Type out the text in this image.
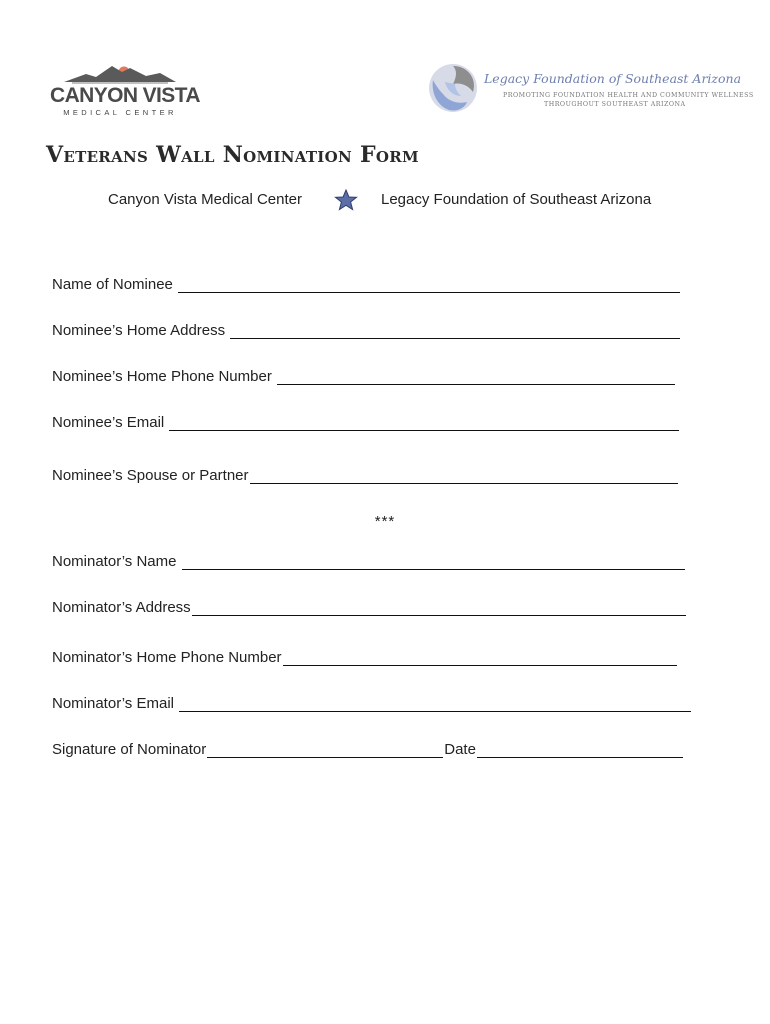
CANYON VISTA
MEDICAL CENTER
Legacy Foundation of Southeast Arizona
PROMOTING FOUNDATION HEALTH AND COMMUNITY WELLNESS
THROUGHOUT SOUTHEAST ARIZONA
Veterans Wall Nomination Form
Canyon Vista Medical Center	Legacy Foundation of Southeast Arizona
Name of Nominee
Nominee’s Home Address
Nominee’s Home Phone Number
Nominee’s Email
Nominee’s Spouse or Partner
***
Nominator’s Name
Nominator’s Address
Nominator’s Home Phone Number
Nominator’s Email
Signature of Nominator	Date
